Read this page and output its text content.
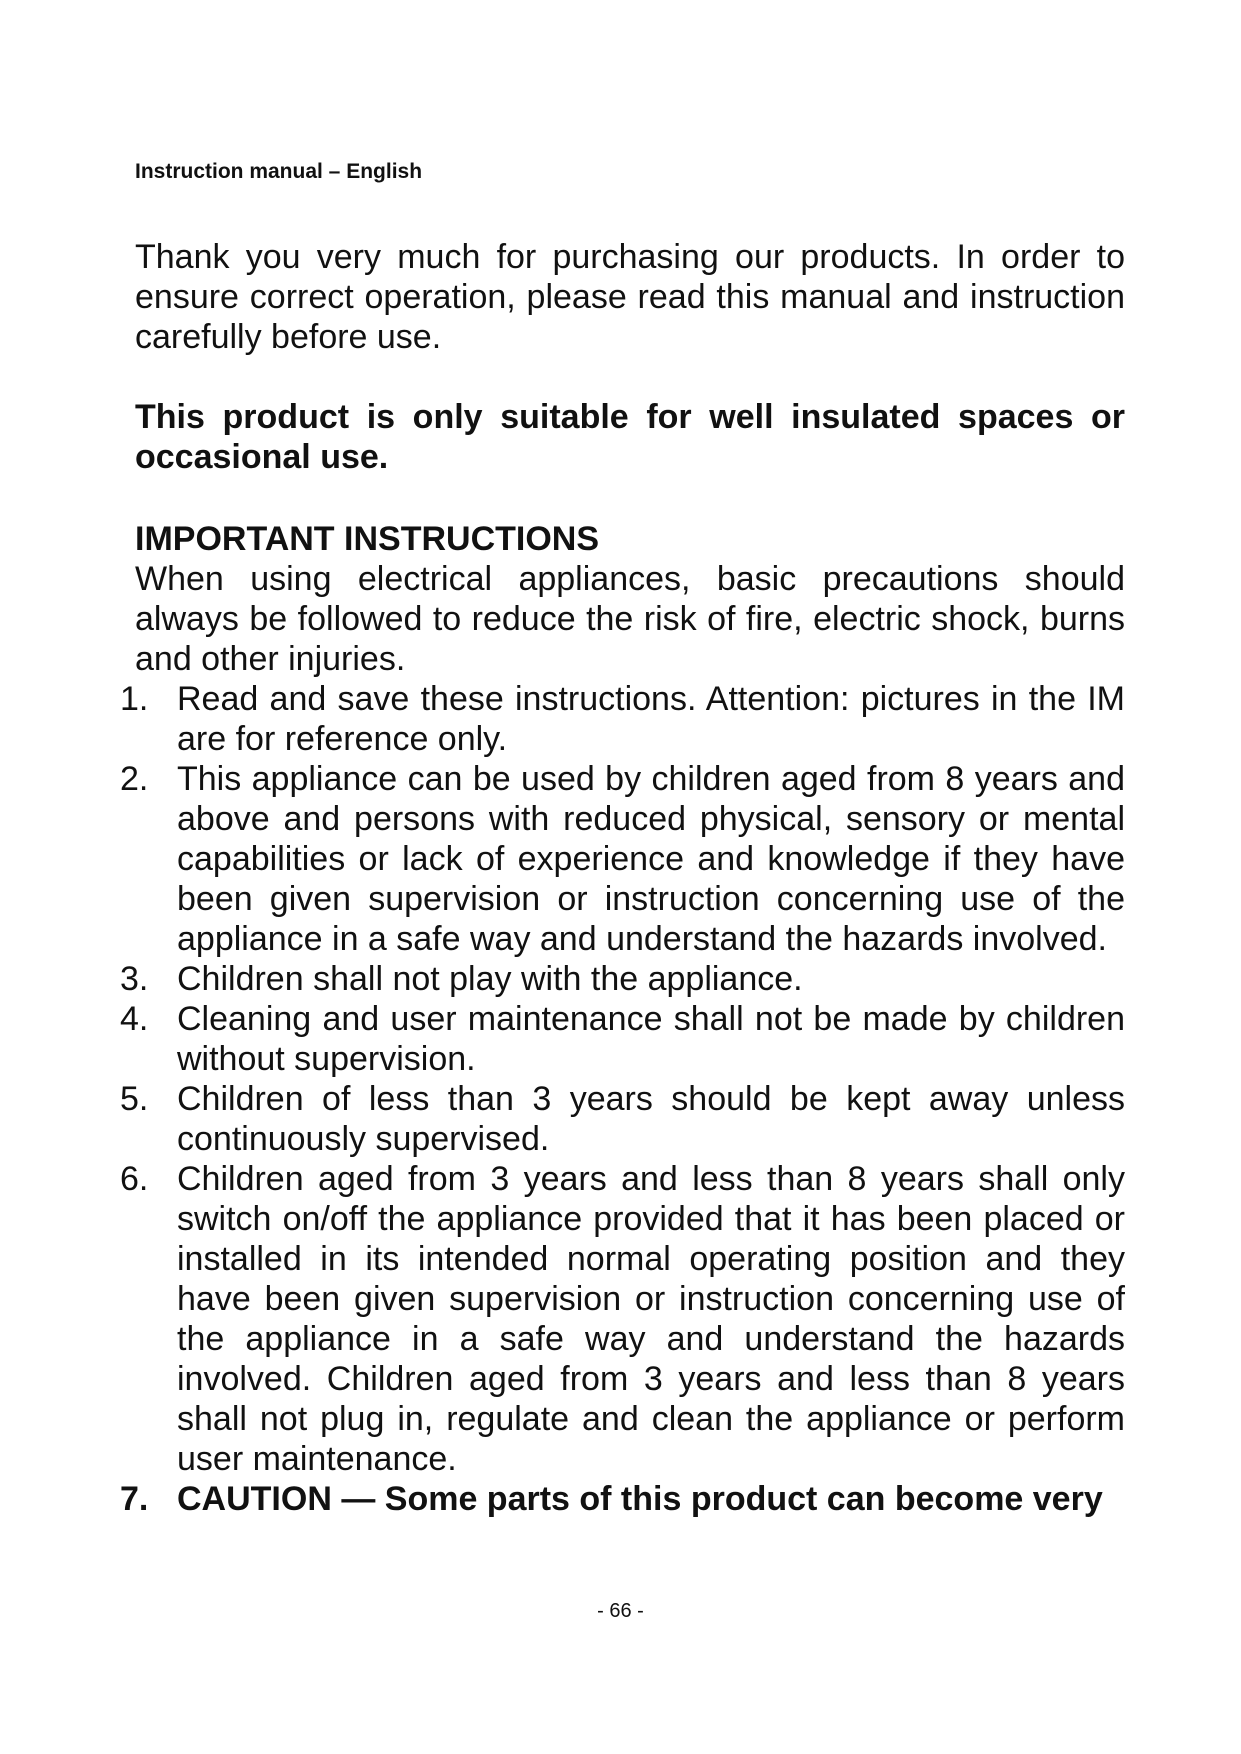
Instruction manual – English

Thank you very much for purchasing our products. In order to ensure correct operation, please read this manual and instruction carefully before use.

This product is only suitable for well insulated spaces or occasional use.

IMPORTANT INSTRUCTIONS

When using electrical appliances, basic precautions should always be followed to reduce the risk of fire, electric shock, burns and other injuries.

1. Read and save these instructions. Attention: pictures in the IM are for reference only.
2. This appliance can be used by children aged from 8 years and above and persons with reduced physical, sensory or mental capabilities or lack of experience and knowledge if they have been given supervision or instruction concerning use of the appliance in a safe way and understand the hazards involved.
3. Children shall not play with the appliance.
4. Cleaning and user maintenance shall not be made by children without supervision.
5. Children of less than 3 years should be kept away unless continuously supervised.
6. Children aged from 3 years and less than 8 years shall only switch on/off the appliance provided that it has been placed or installed in its intended normal operating position and they have been given supervision or instruction concerning use of the appliance in a safe way and understand the hazards involved. Children aged from 3 years and less than 8 years shall not plug in, regulate and clean the appliance or perform user maintenance.
7. CAUTION — Some parts of this product can become very
- 66 -
